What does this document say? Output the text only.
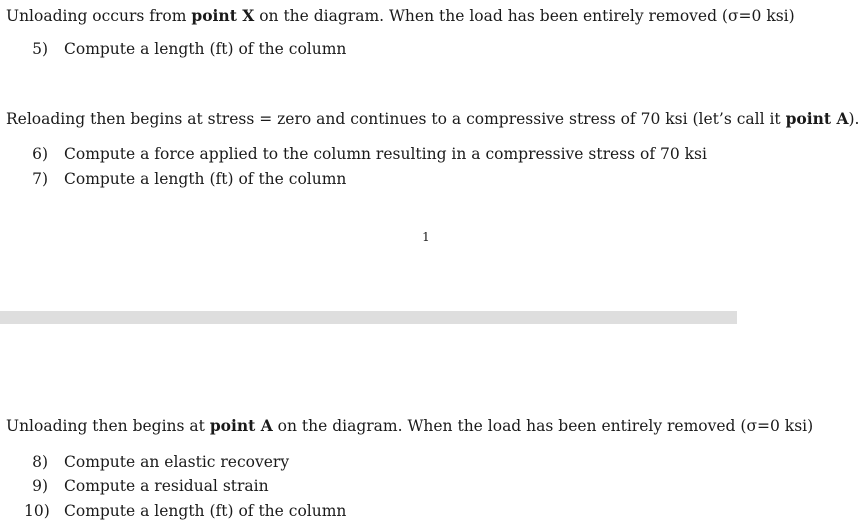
Unloading occurs from point X on the diagram. When the load has been entirely removed (σ=0 ksi)
5) Compute a length (ft) of the column
Reloading then begins at stress = zero and continues to a compressive stress of 70 ksi (let’s call it point A).
6) Compute a force applied to the column resulting in a compressive stress of 70 ksi
7) Compute a length (ft) of the column
1
Unloading then begins at point A on the diagram. When the load has been entirely removed (σ=0 ksi)
8) Compute an elastic recovery
9) Compute a residual strain
10) Compute a length (ft) of the column
